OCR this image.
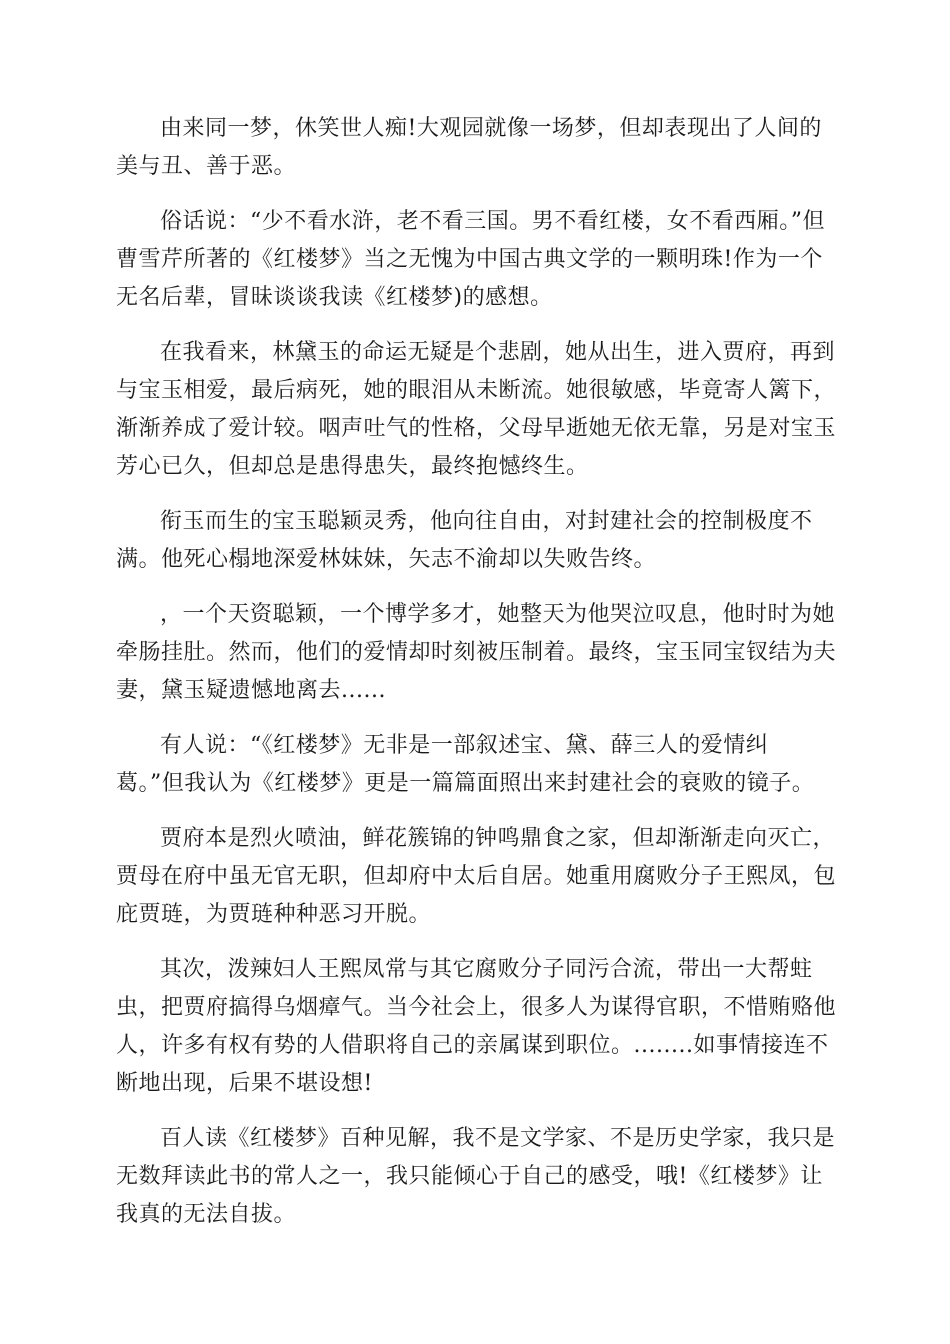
由来同一梦，休笑世人痴!大观园就像一场梦，但却表现出了人间的美与丑、善于恶。

俗话说：“少不看水浒，老不看三国。男不看红楼，女不看西厢。”但曹雪芹所著的《红楼梦》当之无愧为中国古典文学的一颗明珠!作为一个无名后辈，冒昧谈谈我读《红楼梦)的感想。

在我看来，林黛玉的命运无疑是个悲剧，她从出生，进入贾府，再到与宝玉相爱，最后病死，她的眼泪从未断流。她很敏感，毕竟寄人篱下，渐渐养成了爱计较。咽声吐气的性格，父母早逝她无依无靠，另是对宝玉芳心已久，但却总是患得患失，最终抱憾终生。

衔玉而生的宝玉聪颖灵秀，他向往自由，对封建社会的控制极度不满。他死心榻地深爱林妹妹，矢志不渝却以失败告终。

，一个天资聪颖，一个博学多才，她整天为他哭泣叹息，他时时为她牵肠挂肚。然而，他们的爱情却时刻被压制着。最终，宝玉同宝钗结为夫妻，黛玉疑遗憾地离去......

有人说：“《红楼梦》无非是一部叙述宝、黛、薛三人的爱情纠葛。”但我认为《红楼梦》更是一篇篇面照出来封建社会的衰败的镜子。

贾府本是烈火喷油，鲜花簇锦的钟鸣鼎食之家，但却渐渐走向灭亡，贾母在府中虽无官无职，但却府中太后自居。她重用腐败分子王熙凤，包庇贾琏，为贾琏种种恶习开脱。

其次，泼辣妇人王熙凤常与其它腐败分子同污合流，带出一大帮蛀虫，把贾府搞得乌烟瘴气。当今社会上，很多人为谋得官职，不惜贿赂他人，许多有权有势的人借职将自己的亲属谋到职位。........如事情接连不断地出现，后果不堪设想!

百人读《红楼梦》百种见解，我不是文学家、不是历史学家，我只是无数拜读此书的常人之一，我只能倾心于自己的感受，哦!《红楼梦》让我真的无法自拔。
